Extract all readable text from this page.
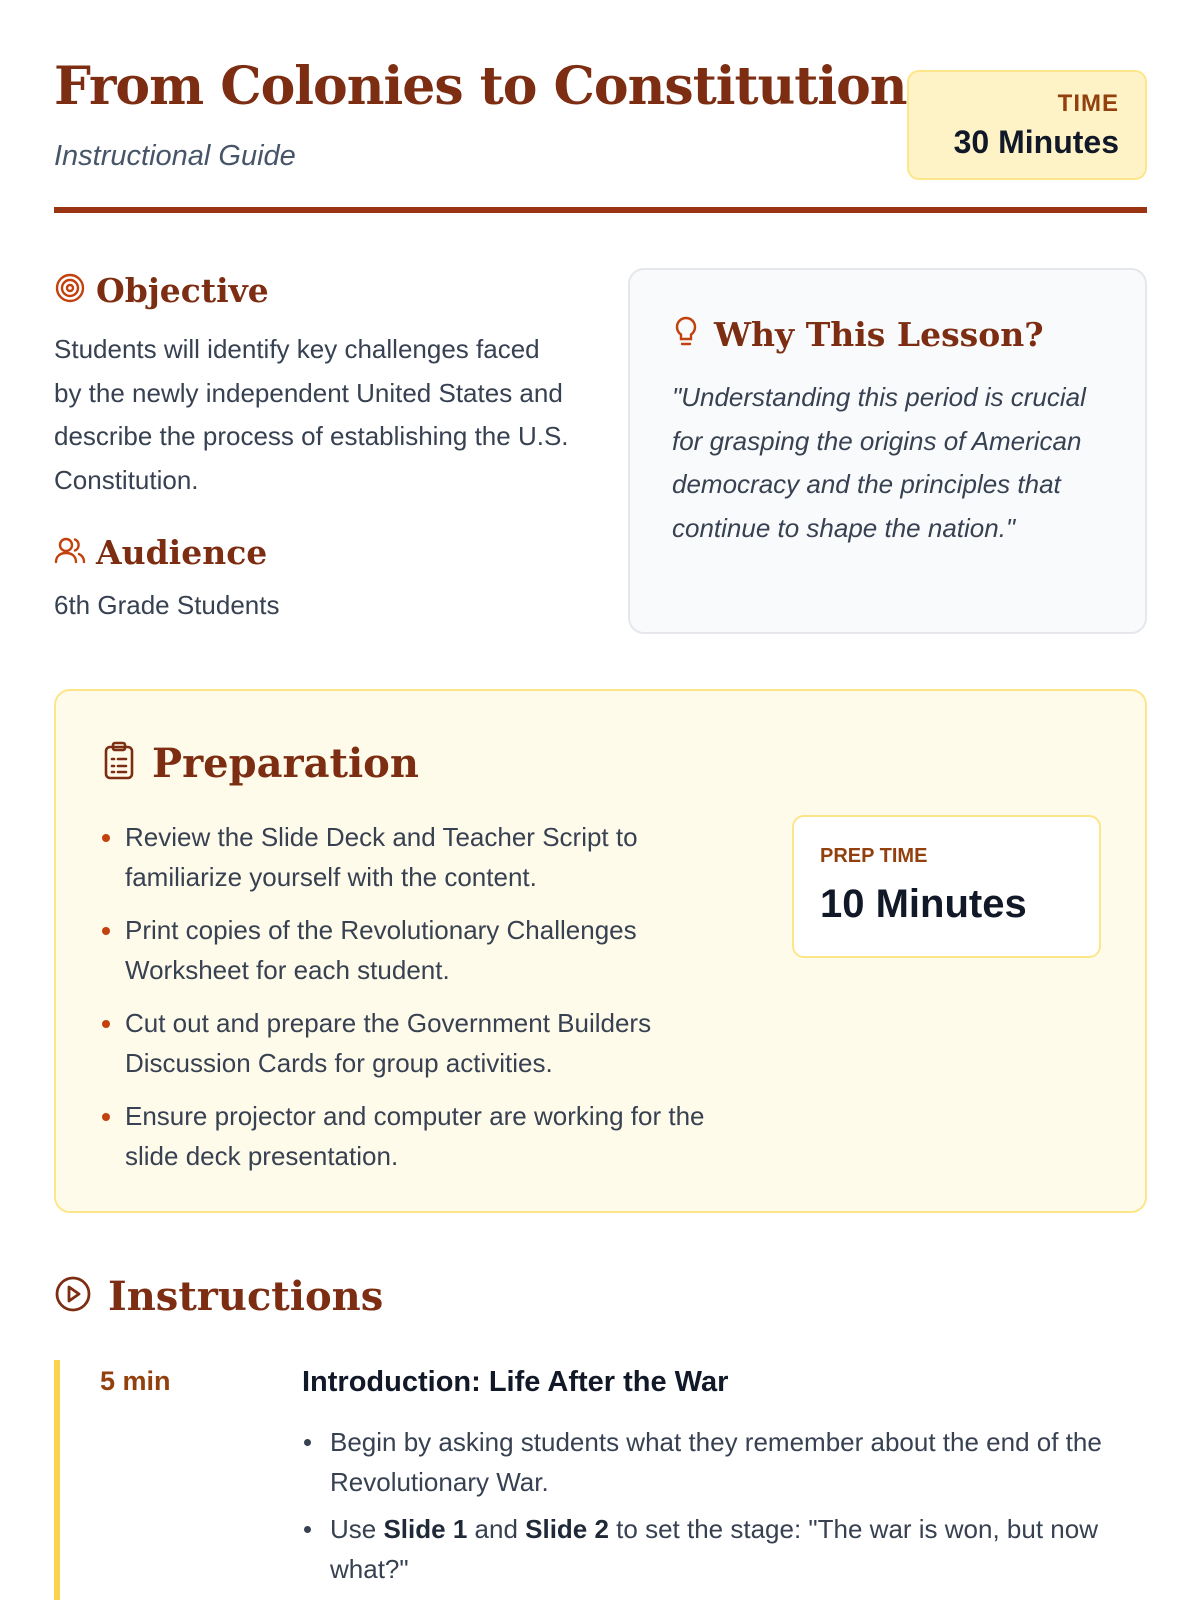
From Colonies to Constitution
Instructional Guide
TIME
30 Minutes
Objective

Students will identify key challenges faced by the newly independent United States and describe the process of establishing the U.S. Constitution.

Audience

6th Grade Students

Why This Lesson?

"Understanding this period is crucial for grasping the origins of American democracy and the principles that continue to shape the nation."

Preparation
Review the Slide Deck and Teacher Script to familiarize yourself with the content.
Print copies of the Revolutionary Challenges Worksheet for each student.
Cut out and prepare the Government Builders Discussion Cards for group activities.
Ensure projector and computer are working for the slide deck presentation.
PREP TIME
10 Minutes
Instructions
5 min	Introduction: Life After the War
Begin by asking students what they remember about the end of the Revolutionary War.
Use Slide 1 and Slide 2 to set the stage: "The war is won, but now what?"
